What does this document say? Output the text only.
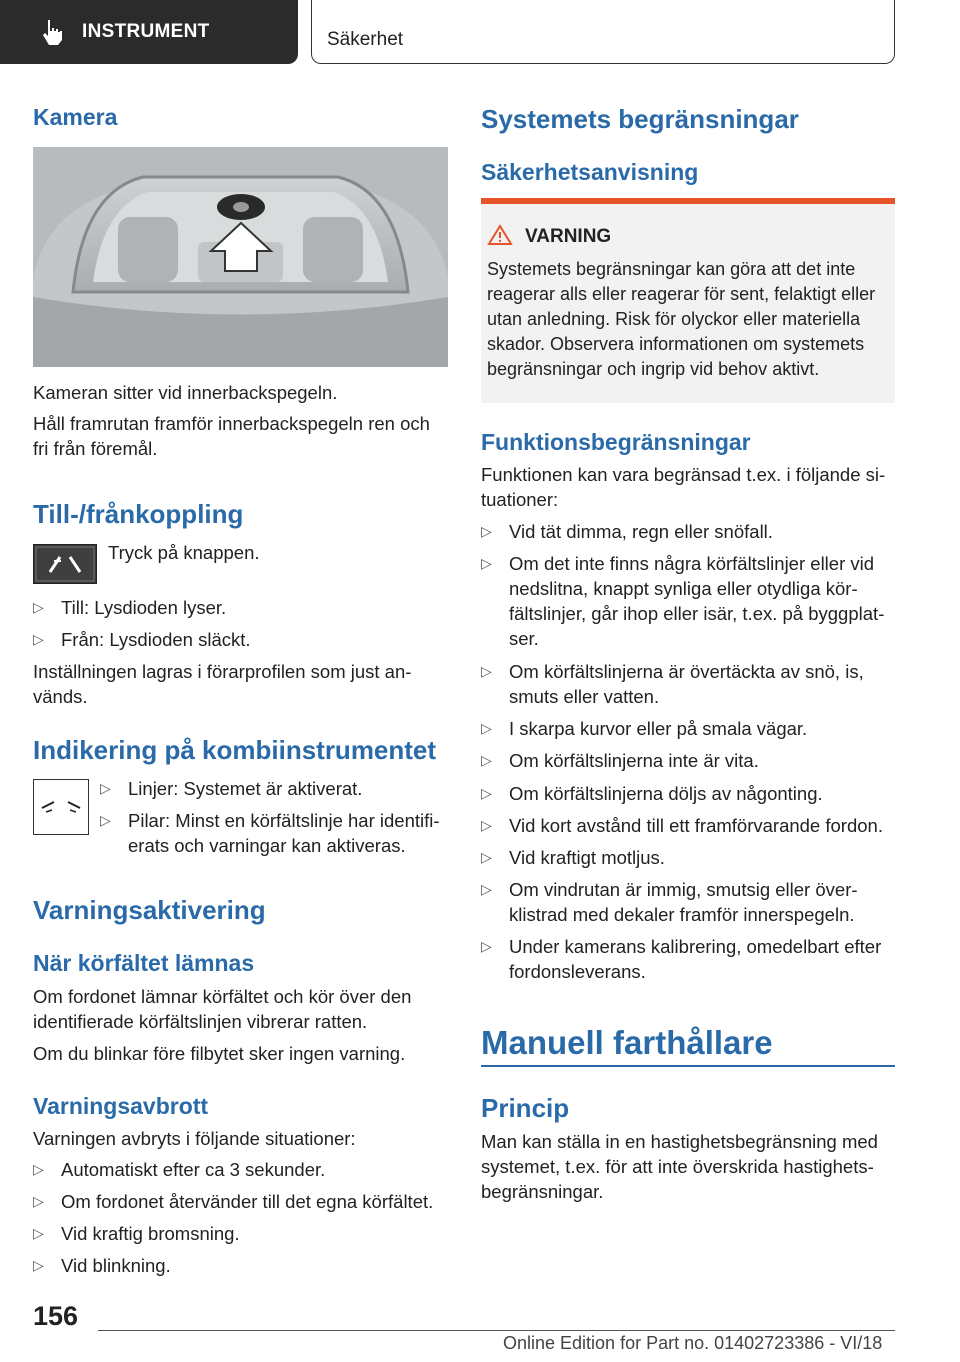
INSTRUMENT	Säkerhet
Kamera

Kameran sitter vid innerbackspegeln.

Håll framrutan framför innerbackspegeln ren och fri från föremål.

Till-/frånkoppling

Tryck på knappen.

▷ Till: Lysdioden lyser.
▷ Från: Lysdioden släckt.

Inställningen lagras i förarprofilen som just används.

Indikering på kombiinstrumentet
▷ Linjer: Systemet är aktiverat.
▷ Pilar: Minst en körfältslinje har identifierats och varningar kan aktiveras.
Varningsaktivering
När körfältet lämnas

Om fordonet lämnar körfältet och kör över den identifierade körfältslinjen vibrerar ratten.

Om du blinkar före filbytet sker ingen varning.

Varningsavbrott

Varningen avbryts i följande situationer:

▷ Automatiskt efter ca 3 sekunder.
▷ Om fordonet återvänder till det egna körfältet.
▷ Vid kraftig bromsning.
▷ Vid blinkning.
Systemets begränsningar
Säkerhetsanvisning
VARNING

Systemets begränsningar kan göra att det inte reagerar alls eller reagerar för sent, felaktigt eller utan anledning. Risk för olyckor eller materiella skador. Observera informationen om systemets begränsningar och ingrip vid behov aktivt.

Funktionsbegränsningar

Funktionen kan vara begränsad t.ex. i följande situationer:

▷ Vid tät dimma, regn eller snöfall.
▷ Om det inte finns några körfältslinjer eller vid nedslitna, knappt synliga eller otydliga körfältslinjer, går ihop eller isär, t.ex. på byggplatser.
▷ Om körfältslinjerna är övertäckta av snö, is, smuts eller vatten.
▷ I skarpa kurvor eller på smala vägar.
▷ Om körfältslinjerna inte är vita.
▷ Om körfältslinjerna döljs av någonting.
▷ Vid kort avstånd till ett framförvarande fordon.
▷ Vid kraftigt motljus.
▷ Om vindrutan är immig, smutsig eller överklistrad med dekaler framför innerspegeln.
▷ Under kamerans kalibrering, omedelbart efter fordonsleverans.
Manuell farthållare
Princip

Man kan ställa in en hastighetsbegränsning med systemet, t.ex. för att inte överskrida hastighetsbegränsningar.

156
Online Edition for Part no. 01402723386 - VI/18
